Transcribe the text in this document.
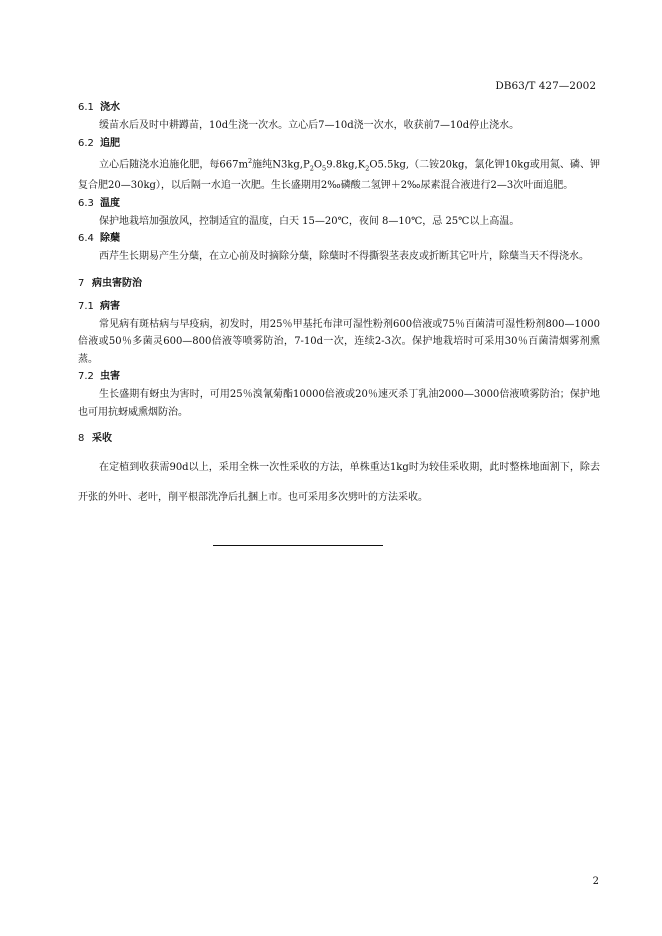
DB63/T 427—2002
6.1 浇水

缓苗水后及时中耕蹲苗，10d生浇一次水。立心后7—10d浇一次水，收获前7—10d停止浇水。

6.2 追肥

立心后随浇水追施化肥，每$667m^2$施纯$N3kg,P_2O_59.8kg,K_2O5.5kg$,（二铵20kg，氯化钾10kg或用氮、磷、钾复合肥20—30kg），以后隔一水追一次肥。生长盛期用2‰磷酸二氢钾＋2‰尿素混合液进行2—3次叶面追肥。

6.3 温度

保护地栽培加强放风，控制适宜的温度，白天 15—20℃，夜间 8—10℃，忌 25℃以上高温。

6.4 除蘖

西芹生长期易产生分蘖，在立心前及时摘除分蘖，除蘖时不得撕裂茎表皮或折断其它叶片，除蘖当天不得浇水。

7 病虫害防治
7.1 病害

常见病有斑枯病与早疫病，初发时，用25％甲基托布津可湿性粉剂600倍液或75％百菌清可湿性粉剂800—1000倍液或50％多菌灵600—800倍液等喷雾防治，7-10d一次，连续2-3次。保护地栽培时可采用30％百菌清烟雾剂熏蒸。

7.2 虫害

生长盛期有蚜虫为害时，可用25％溴氰菊酯10000倍液或20％速灭杀丁乳油2000—3000倍液喷雾防治；保护地也可用抗蚜威熏烟防治。

8 采收

在定植到收获需90d以上，采用全株一次性采收的方法，单株重达1kg时为较佳采收期，此时整株地面割下，除去开张的外叶、老叶，削平根部洗净后扎捆上市。也可采用多次劈叶的方法采收。

2
